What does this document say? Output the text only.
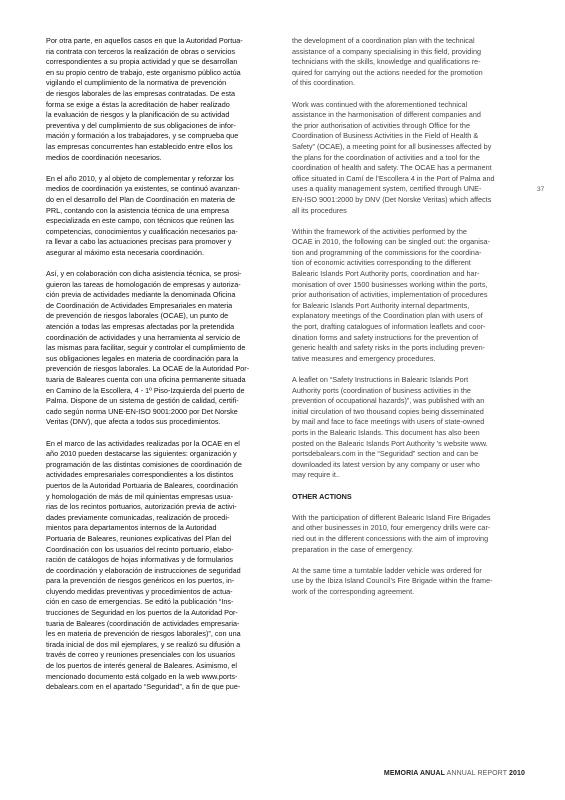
Por otra parte, en aquellos casos en que la Autoridad Portua-
ria contrata con terceros la realización de obras o servicios
correspondientes a su propia actividad y que se desarrollan
en su propio centro de trabajo, este organismo público actúa
vigilando el cumplimiento de la normativa de prevención
de riesgos laborales de las empresas contratadas. De esta
forma se exige a éstas la acreditación de haber realizado
la evaluación de riesgos y la planificación de su actividad
preventiva y del cumplimiento de sus obligaciones de infor-
mación y formación a los trabajadores, y se comprueba que
las empresas concurrentes han establecido entre ellos los
medios de coordinación necesarios.

En el año 2010, y al objeto de complementar y reforzar los
medios de coordinación ya existentes, se continuó avanzan-
do en el desarrollo del Plan de Coordinación en materia de
PRL, contando con la asistencia técnica de una empresa
especializada en este campo, con técnicos que reúnen las
competencias, conocimientos y cualificación necesarios pa-
ra llevar a cabo las actuaciones precisas para promover y
asegurar al máximo esta necesaria coordinación.

Así, y en colaboración con dicha asistencia técnica, se prosi-
guieron las tareas de homologación de empresas y autoriza-
ción previa de actividades mediante la denominada Oficina
de Coordinación de Actividades Empresariales en materia
de prevención de riesgos laborales (OCAE), un punto de
atención a todas las empresas afectadas por la pretendida
coordinación de actividades y una herramienta al servicio de
las mismas para facilitar, seguir y controlar el cumplimiento de
sus obligaciones legales en materia de coordinación para la
prevención de riesgos laborales. La OCAE de la Autoridad Por-
tuaria de Baleares cuenta con una oficina permanente situada
en Camino de la Escollera, 4 - 1º Piso-Izquierda del puerto de
Palma. Dispone de un sistema de gestión de calidad, certifi-
cado según norma UNE-EN-ISO 9001:2000 por Det Norske
Veritas (DNV), que afecta a todos sus procedimientos.

En el marco de las actividades realizadas por la OCAE en el
año 2010 pueden destacarse las siguientes: organización y
programación de las distintas comisiones de coordinación de
actividades empresariales correspondientes a los distintos
puertos de la Autoridad Portuaria de Baleares, coordinación
y homologación de más de mil quinientas empresas usua-
rias de los recintos portuarios, autorización previa de activi-
dades previamente comunicadas, realización de procedi-
mientos para departamentos internos de la Autoridad
Portuaria de Baleares, reuniones explicativas del Plan del
Coordinación con los usuarios del recinto portuario, elabo-
ración de catálogos de hojas informativas y de formularios
de coordinación y elaboración de instrucciones de seguridad
para la prevención de riesgos genéricos en los puertos, in-
cluyendo medidas preventivas y procedimientos de actua-
ción en caso de emergencias. Se editó la publicación “Ins-
trucciones de Seguridad en los puertos de la Autoridad Por-
tuaria de Baleares (coordinación de actividades empresaria-
les en materia de prevención de riesgos laborales)”, con una
tirada inicial de dos mil ejemplares, y se realizó su difusión a
través de correo y reuniones presenciales con los usuarios
de los puertos de interés general de Baleares. Asimismo, el
mencionado documento está colgado en la web www.ports-
debalears.com en el apartado “Seguridad”, a fin de que pue-

the development of a coordination plan with the technical
assistance of a company specialising in this field, providing
technicians with the skills, knowledge and qualifications re-
quired for carrying out the actions needed for the promotion
of this coordination.

Work was continued with the aforementioned technical
assistance in the harmonisation of different companies and
the prior authorisation of activities through Office for the
Coordination of Business Activities in the Field of Health &
Safety” (OCAE), a meeting point for all businesses affected by
the plans for the coordination of activities and a tool for the
coordination of health and safety. The OCAE has a permanent
office situated in Camí de l’Escollera 4 in the Port of Palma and
uses a quality management system, certified through UNE-
EN-ISO 9001:2000 by DNV (Det Norske Veritas) which affects
all its procedures

Within the framework of the activities performed by the
OCAE in 2010, the following can be singled out: the organisa-
tion and programming of the commissions for the coordina-
tion of economic activities corresponding to the different
Balearic Islands Port Authority ports, coordination and har-
monisation of over 1500 businesses working within the ports,
prior authorisation of activities, implementation of procedures
for Balearic Islands Port Authority internal departments,
explanatory meetings of the Coordination plan with users of
the port, drafting catalogues of information leaflets and coor-
dination forms and safety instructions for the prevention of
generic health and safety risks in the ports including preven-
tative measures and emergency procedures.

A leaflet on “Safety Instructions in Balearic Islands Port
Authority ports (coordination of business activities in the
prevention of occupational hazards)”, was published with an
initial circulation of two thousand copies being disseminated
by mail and face to face meetings with users of state-owned
ports in the Balearic Islands. This document has also been
posted on the Balearic Islands Port Authority ’s website www.
portsdebalears.com in the “Seguridad” section and can be
downloaded its latest version by any company or user who
may require it..

OTHER ACTIONS

With the participation of different Balearic Island Fire Brigades
and other businesses in 2010, four emergency drills were car-
ried out in the different concessions with the aim of improving
preparation in the case of emergency.

At the same time a turntable ladder vehicle was ordered for
use by the Ibiza Island Council’s Fire Brigade within the frame-
work of the corresponding agreement.

37
MEMORIA ANUAL ANNUAL REPORT 2010
